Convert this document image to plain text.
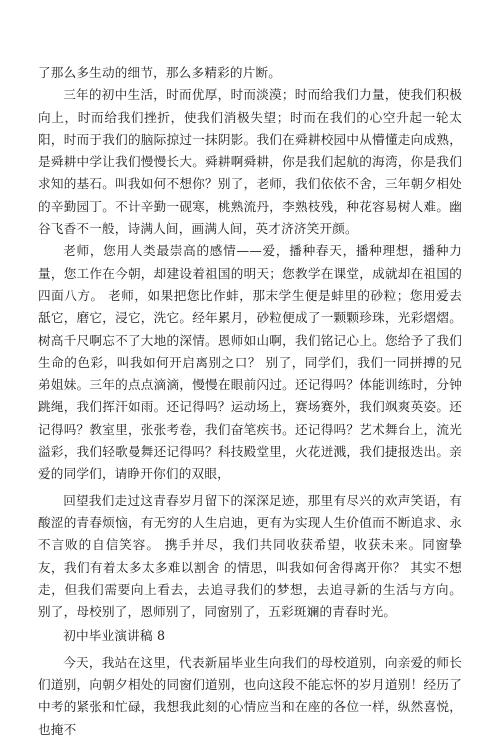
了那么多生动的细节，那么多精彩的片断。

三年的初中生活，时而优厚，时而淡漠；时而给我们力量，使我们积极向上，时而给我们挫折，使我们消极失望；时而在我们的心空升起一轮太阳，时而于我们的脑际掠过一抹阴影。我们在舜耕校园中从懵懂走向成熟，是舜耕中学让我们慢慢长大。舜耕啊舜耕，你是我们起航的海湾，你是我们求知的基石。叫我如何不想你？别了，老师，我们依依不舍，三年朝夕相处的辛勤园丁。不计辛勤一砚寒，桃熟流丹，李熟枝残，种花容易树人难。幽谷飞香不一般，诗满人间，画满人间，英才济济笑开颜。

老师，您用人类最崇高的感情——爱，播种春天，播种理想，播种力量，您工作在今朝，却建设着祖国的明天；您教学在课堂，成就却在祖国的四面八方。 老师，如果把您比作蚌，那末学生便是蚌里的砂粒；您用爱去舐它，磨它，浸它，洗它。经年累月，砂粒便成了一颗颗珍珠，光彩熠熠。 树高千尺啊忘不了大地的深情。恩师如山啊，我们铭记心上。您给予了我们生命的色彩，叫我如何开启离别之口？ 别了，同学们，我们一同拼搏的兄弟姐妹。三年的点点滴滴，慢慢在眼前闪过。还记得吗？体能训练时，分钟跳绳，我们挥汗如雨。还记得吗？运动场上，赛场赛外，我们飒爽英姿。还记得吗？教室里，张张考卷，我们奋笔疾书。还记得吗？艺术舞台上，流光溢彩，我们轻歌曼舞还记得吗？科技殿堂里，火花迸溅，我们捷报迭出。亲爱的同学们，请睁开你们的双眼，

回望我们走过这青春岁月留下的深深足迹，那里有尽兴的欢声笑语，有酸涩的青春烦恼，有无穷的人生启迪，更有为实现人生价值而不断追求、永不言败的自信笑容。 携手并尽，我们共同收获希望，收获未来。同窗挚友，我们有着太多太多难以割舍 的情思，叫我如何舍得离开你？ 其实不想走，但我们需要向上看去，去追寻我们的梦想，去追寻新的生活与方向。 别了，母校别了，恩师别了，同窗别了，五彩斑斓的青春时光。

初中毕业演讲稿 8

今天，我站在这里，代表新届毕业生向我们的母校道别，向亲爱的师长们道别，向朝夕相处的同窗们道别，也向这段不能忘怀的岁月道别！经历了中考的紧张和忙碌，我想我此刻的心情应当和在座的各位一样，纵然喜悦，也掩不
